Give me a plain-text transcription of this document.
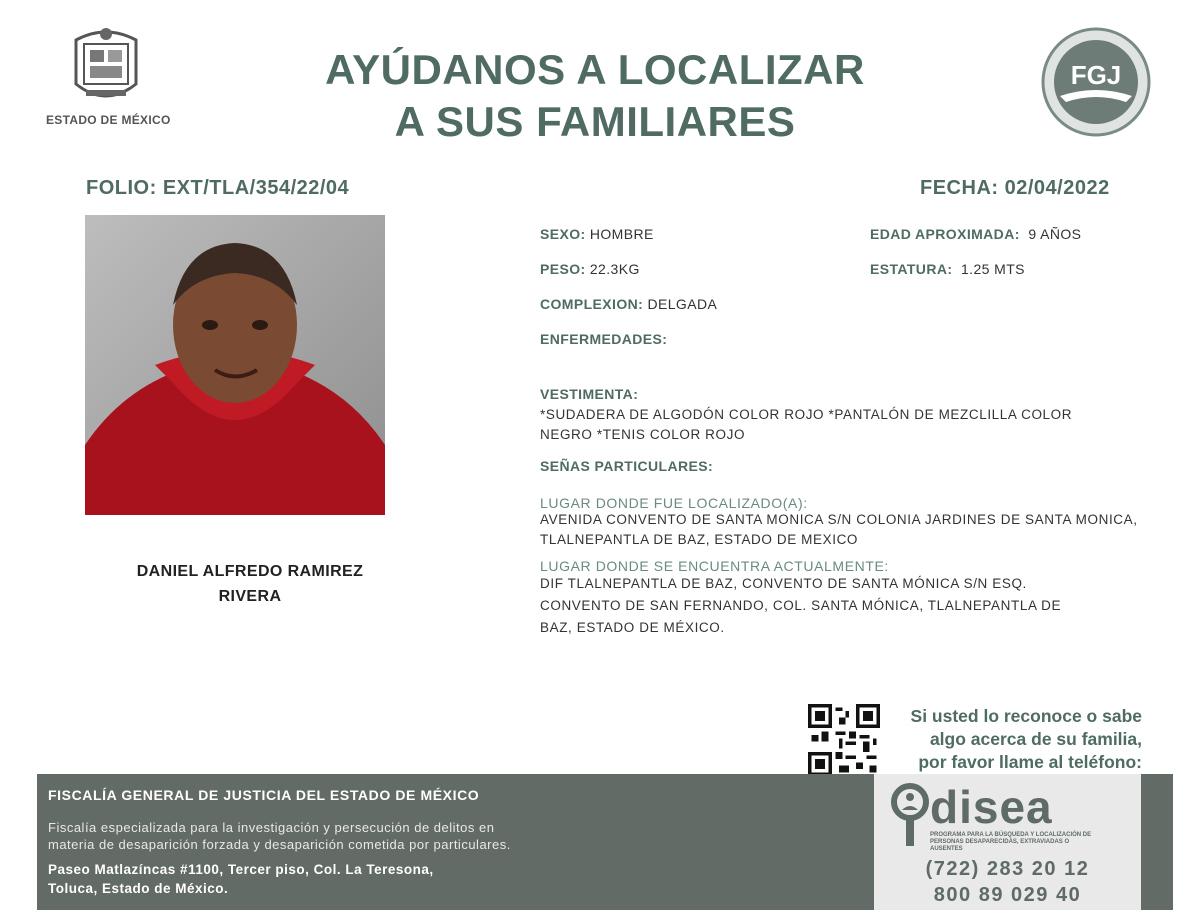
ESTADO DE MÉXICO
AYÚDANOS A LOCALIZAR
A SUS FAMILIARES
FGJ
FOLIO: EXT/TLA/354/22/04	FECHA: 02/04/2022
DANIEL ALFREDO RAMIREZ
RIVERA
SEXO: HOMBRE	EDAD APROXIMADA: 9 AÑOS
PESO: 22.3KG	ESTATURA: 1.25 MTS
COMPLEXION: DELGADA
ENFERMEDADES:
VESTIMENTA:
*SUDADERA DE ALGODÓN COLOR ROJO *PANTALÓN DE MEZCLILLA COLOR
NEGRO *TENIS COLOR ROJO
SEÑAS PARTICULARES:
LUGAR DONDE FUE LOCALIZADO(A):
AVENIDA CONVENTO DE SANTA MONICA S/N COLONIA JARDINES DE SANTA MONICA,
TLALNEPANTLA DE BAZ, ESTADO DE MEXICO
LUGAR DONDE SE ENCUENTRA ACTUALMENTE:
DIF TLALNEPANTLA DE BAZ, CONVENTO DE SANTA MÓNICA S/N ESQ.
CONVENTO DE SAN FERNANDO, COL. SANTA MÓNICA, TLALNEPANTLA DE
BAZ, ESTADO DE MÉXICO.
Si usted lo reconoce o sabe
algo acerca de su familia,
por favor llame al teléfono:
FISCALÍA GENERAL DE JUSTICIA DEL ESTADO DE MÉXICO
Fiscalía especializada para la investigación y persecución de delitos en
materia de desaparición forzada y desaparición cometida por particulares.
Paseo Matlazíncas #1100, Tercer piso, Col. La Teresona,
Toluca, Estado de México.
disea
PROGRAMA PARA LA BÚSQUEDA Y LOCALIZACIÓN DE PERSONAS DESAPARECIDAS, EXTRAVIADAS O AUSENTES
(722) 283 20 12
800 89 029 40
